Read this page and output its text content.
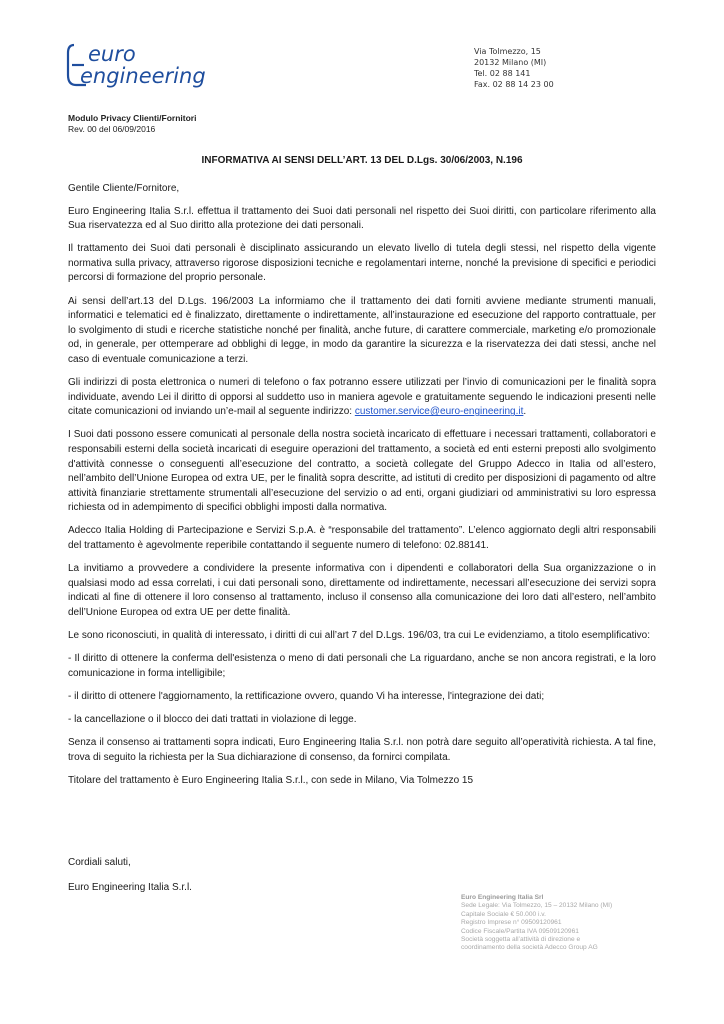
euro
engineering
Via Tolmezzo, 15
20132 Milano (MI)
Tel. 02 88 141
Fax. 02 88 14 23 00
Modulo Privacy Clienti/Fornitori
Rev. 00 del 06/09/2016
INFORMATIVA AI SENSI DELL’ART. 13 DEL D.Lgs. 30/06/2003, N.196

Gentile Cliente/Fornitore,

Euro Engineering Italia S.r.l. effettua il trattamento dei Suoi dati personali nel rispetto dei Suoi diritti, con particolare riferimento alla Sua riservatezza ed al Suo diritto alla protezione dei dati personali.

Il trattamento dei Suoi dati personali è disciplinato assicurando un elevato livello di tutela degli stessi, nel rispetto della vigente normativa sulla privacy, attraverso rigorose disposizioni tecniche e regolamentari interne, nonché la previsione di specifici e periodici percorsi di formazione del proprio personale.

Ai sensi dell’art.13 del D.Lgs. 196/2003 La informiamo che il trattamento dei dati forniti avviene mediante strumenti manuali, informatici e telematici ed è finalizzato, direttamente o indirettamente, all’instaurazione ed esecuzione del rapporto contrattuale, per lo svolgimento di studi e ricerche statistiche nonché per finalità, anche future, di carattere commerciale, marketing e/o promozionale od, in generale, per ottemperare ad obblighi di legge, in modo da garantire la sicurezza e la riservatezza dei dati stessi, anche nel caso di eventuale comunicazione a terzi.

Gli indirizzi di posta elettronica o numeri di telefono o fax potranno essere utilizzati per l’invio di comunicazioni per le finalità sopra individuate, avendo Lei il diritto di opporsi al suddetto uso in maniera agevole e gratuitamente seguendo le indicazioni presenti nelle citate comunicazioni od inviando un’e-mail al seguente indirizzo: customer.service@euro-engineering.it.

I Suoi dati possono essere comunicati al personale della nostra società incaricato di effettuare i necessari trattamenti, collaboratori e responsabili esterni della società incaricati di eseguire operazioni del trattamento, a società ed enti esterni preposti allo svolgimento d'attività connesse o conseguenti all’esecuzione del contratto, a società collegate del Gruppo Adecco in Italia od all’estero, nell’ambito dell’Unione Europea od extra UE, per le finalità sopra descritte, ad istituti di credito per disposizioni di pagamento od altre attività finanziarie strettamente strumentali all’esecuzione del servizio o ad enti, organi giudiziari od amministrativi su loro espressa richiesta od in adempimento di specifici obblighi imposti dalla normativa.

Adecco Italia Holding di Partecipazione e Servizi S.p.A. è “responsabile del trattamento”. L’elenco aggiornato degli altri responsabili del trattamento è agevolmente reperibile contattando il seguente numero di telefono: 02.88141.

La invitiamo a provvedere a condividere la presente informativa con i dipendenti e collaboratori della Sua organizzazione o in qualsiasi modo ad essa correlati, i cui dati personali sono, direttamente od indirettamente, necessari all’esecuzione dei servizi sopra indicati al fine di ottenere il loro consenso al trattamento, incluso il consenso alla comunicazione dei loro dati all’estero, nell’ambito dell’Unione Europea od extra UE per dette finalità.

Le sono riconosciuti, in qualità di interessato, i diritti di cui all’art 7 del D.Lgs. 196/03, tra cui Le evidenziamo, a titolo esemplificativo:

- Il diritto di ottenere la conferma dell'esistenza o meno di dati personali che La riguardano, anche se non ancora registrati, e la loro comunicazione in forma intelligibile;

- il diritto di ottenere l'aggiornamento, la rettificazione ovvero, quando Vi ha interesse, l'integrazione dei dati;

- la cancellazione o il blocco dei dati trattati in violazione di legge.

Senza il consenso ai trattamenti sopra indicati, Euro Engineering Italia S.r.l. non potrà dare seguito all’operatività richiesta. A tal fine, trova di seguito la richiesta per la Sua dichiarazione di consenso, da fornirci compilata.

Titolare del trattamento è Euro Engineering Italia S.r.l., con sede in Milano, Via Tolmezzo 15

Cordiali saluti,
Euro Engineering Italia S.r.l.
Euro Engineering Italia Srl
Sede Legale: Via Tolmezzo, 15 – 20132 Milano (MI)
Capitale Sociale € 50.000 i.v.
Registro Imprese n° 09509120961
Codice Fiscale/Partita IVA 09509120961
Società soggetta all’attività di direzione e
coordinamento della società Adecco Group AG
